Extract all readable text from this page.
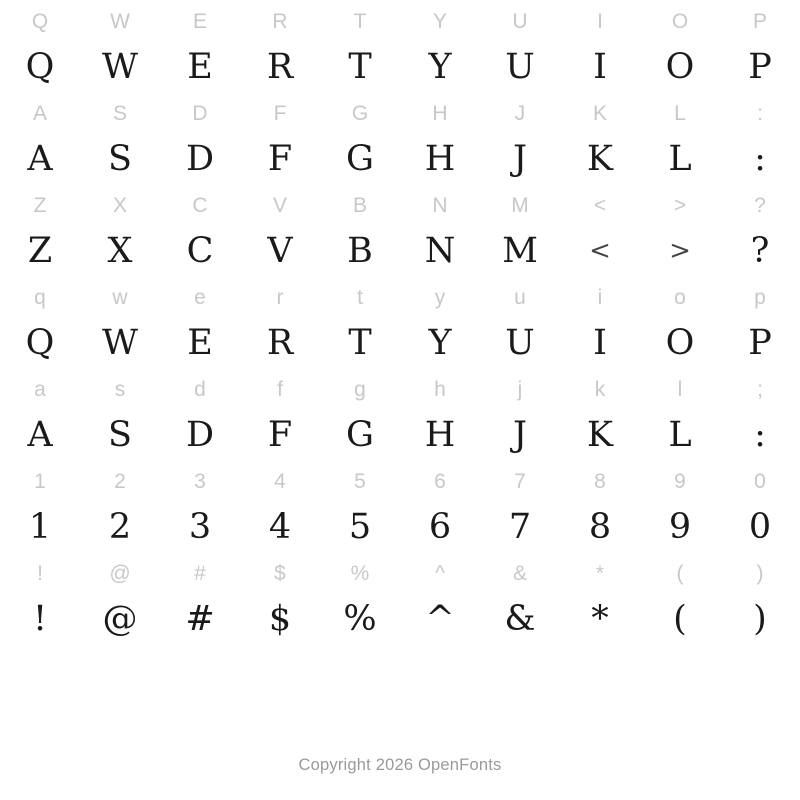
Q	W	E	R	T	Y	U	I	O	P
Q	W	E	R	T	Y	U	I	O	P
A	S	D	F	G	H	J	K	L	:
A	S	D	F	G	H	J	K	L	:
Z	X	C	V	B	N	M	<	>	?
Z	X	C	V	B	N	M	<	>	?
q	w	e	r	t	y	u	i	o	p
Q	W	E	R	T	Y	U	I	O	P
a	s	d	f	g	h	j	k	l	;
A	S	D	F	G	H	J	K	L	:
1	2	3	4	5	6	7	8	9	0
1	2	3	4	5	6	7	8	9	0
!	@	#	$	%	^	&	*	(	)
!	@	#	$	%	^	&	*	(	)
Copyright 2026 OpenFonts
